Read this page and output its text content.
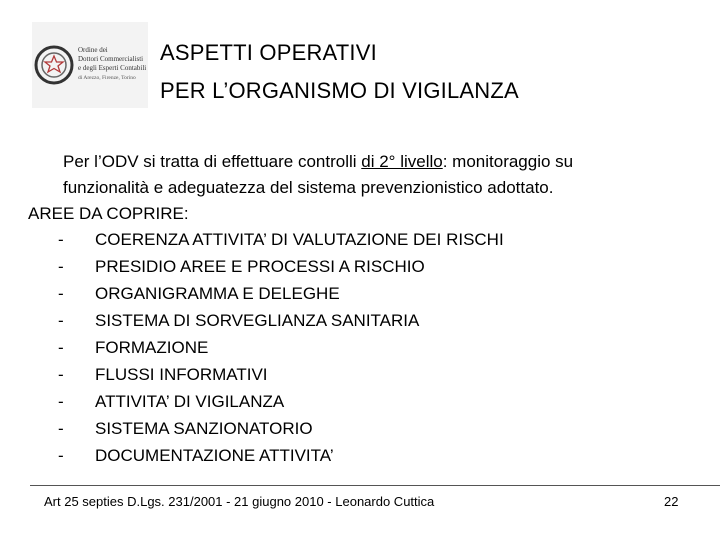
Ordine dei
Dottori Commercialisti
e degli Esperti Contabili
di Arezzo, Firenze, Torino
ASPETTI OPERATIVI
PER L’ORGANISMO DI VIGILANZA

Per l’ODV si tratta di effettuare controlli di 2° livello: monitoraggio su

funzionalità e adeguatezza del sistema prevenzionistico adottato.

AREE DA COPRIRE:
- COERENZA ATTIVITA’ DI VALUTAZIONE DEI RISCHI
- PRESIDIO AREE E PROCESSI A RISCHIO
- ORGANIGRAMMA E DELEGHE
- SISTEMA DI SORVEGLIANZA SANITARIA
- FORMAZIONE
- FLUSSI INFORMATIVI
- ATTIVITA’ DI VIGILANZA
- SISTEMA SANZIONATORIO
- DOCUMENTAZIONE ATTIVITA’
Art 25 septies D.Lgs. 231/2001 - 21 giugno 2010 - Leonardo Cuttica	22
